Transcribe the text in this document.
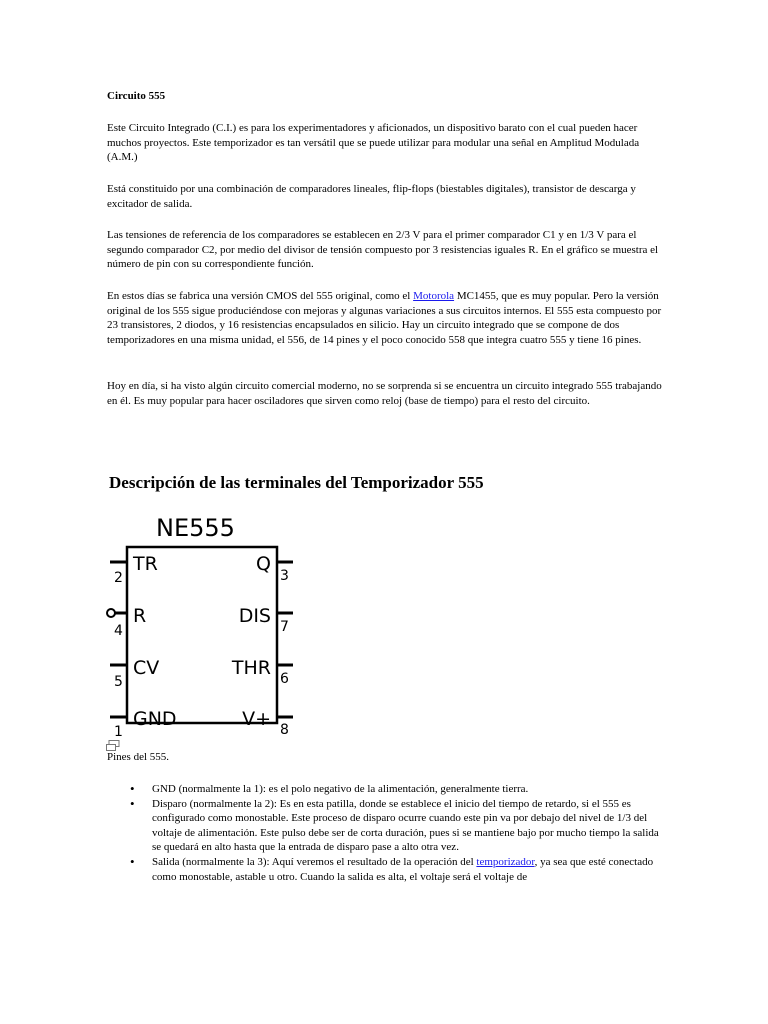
Circuito 555

Este Circuito Integrado (C.I.) es para los experimentadores y aficionados, un dispositivo barato con el cual pueden hacer muchos proyectos. Este temporizador es tan versátil que se puede utilizar para modular una señal en Amplitud Modulada (A.M.)

Está constituido por una combinación de comparadores lineales, flip-flops (biestables digitales), transistor de descarga y excitador de salida.

Las tensiones de referencia de los comparadores se establecen en 2/3 V para el primer comparador C1 y en 1/3 V para el segundo comparador C2, por medio del divisor de tensión compuesto por 3 resistencias iguales R. En el gráfico se muestra el número de pin con su correspondiente función.

En estos días se fabrica una versión CMOS del 555 original, como el Motorola MC1455, que es muy popular. Pero la versión original de los 555 sigue produciéndose con mejoras y algunas variaciones a sus circuitos internos. El 555 esta compuesto por 23 transistores, 2 diodos, y 16 resistencias encapsulados en silicio. Hay un circuito integrado que se compone de dos temporizadores en una misma unidad, el 556, de 14 pines y el poco conocido 558 que integra cuatro 555 y tiene 16 pines.

Hoy en día, si ha visto algún circuito comercial moderno, no se sorprenda si se encuentra un circuito integrado 555 trabajando en él. Es muy popular para hacer osciladores que sirven como reloj (base de tiempo) para el resto del circuito.

Descripción de las terminales del Temporizador 555
NE555
TR
R
CV
GND
Q
DIS
THR
V+
2
4
5
1
3
7
6
8
Pines del 555.
• GND (normalmente la 1): es el polo negativo de la alimentación, generalmente tierra.
• Disparo (normalmente la 2): Es en esta patilla, donde se establece el inicio del tiempo de retardo, si el 555 es configurado como monostable. Este proceso de disparo ocurre cuando este pin va por debajo del nivel de 1/3 del voltaje de alimentación. Este pulso debe ser de corta duración, pues si se mantiene bajo por mucho tiempo la salida se quedará en alto hasta que la entrada de disparo pase a alto otra vez.
• Salida (normalmente la 3): Aquí veremos el resultado de la operación del temporizador, ya sea que esté conectado como monostable, astable u otro. Cuando la salida es alta, el voltaje será el voltaje de
